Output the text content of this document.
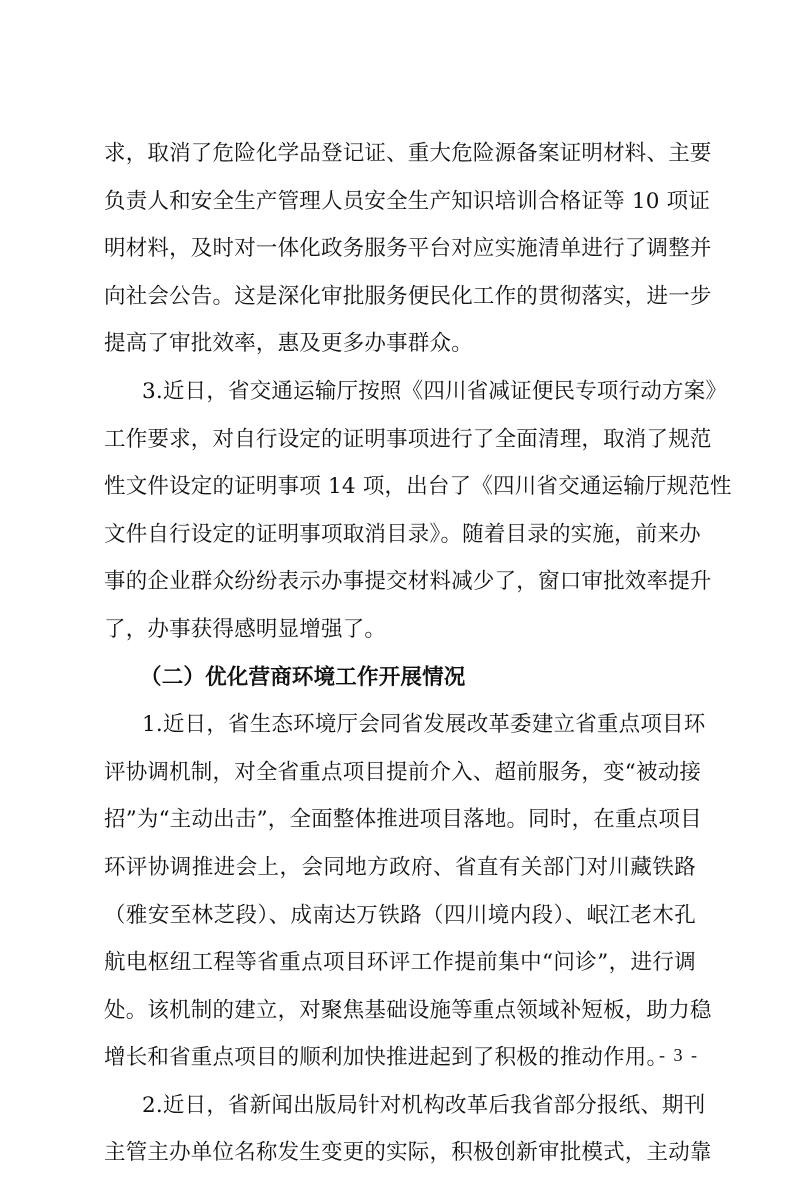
求，取消了危险化学品登记证、重大危险源备案证明材料、主要
负责人和安全生产管理人员安全生产知识培训合格证等 10 项证
明材料，及时对一体化政务服务平台对应实施清单进行了调整并
向社会公告。这是深化审批服务便民化工作的贯彻落实，进一步
提高了审批效率，惠及更多办事群众。
3.近日，省交通运输厅按照《四川省减证便民专项行动方案》
工作要求，对自行设定的证明事项进行了全面清理，取消了规范
性文件设定的证明事项 14 项，出台了《四川省交通运输厅规范性
文件自行设定的证明事项取消目录》。随着目录的实施，前来办
事的企业群众纷纷表示办事提交材料减少了，窗口审批效率提升
了，办事获得感明显增强了。
（二）优化营商环境工作开展情况
1.近日，省生态环境厅会同省发展改革委建立省重点项目环
评协调机制，对全省重点项目提前介入、超前服务，变“被动接
招”为“主动出击”，全面整体推进项目落地。同时，在重点项目
环评协调推进会上，会同地方政府、省直有关部门对川藏铁路
（雅安至林芝段）、成南达万铁路（四川境内段）、岷江老木孔
航电枢纽工程等省重点项目环评工作提前集中“问诊”，进行调
处。该机制的建立，对聚焦基础设施等重点领域补短板，助力稳
增长和省重点项目的顺利加快推进起到了积极的推动作用。
2.近日，省新闻出版局针对机构改革后我省部分报纸、期刊
主管主办单位名称发生变更的实际，积极创新审批模式，主动靠
- 3 -
